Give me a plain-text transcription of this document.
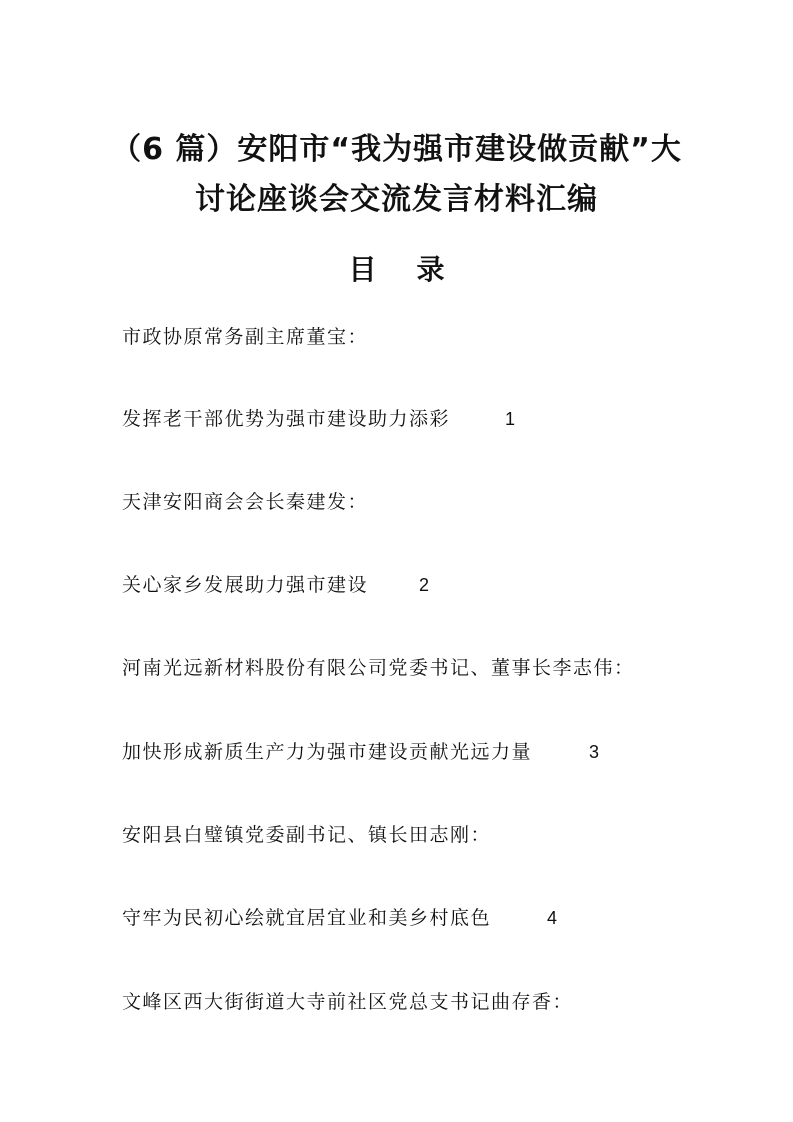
（6 篇）安阳市“我为强市建设做贡献”大
讨论座谈会交流发言材料汇编
目 录
市政协原常务副主席董宝：
发挥老干部优势为强市建设助力添彩	1
天津安阳商会会长秦建发：
关心家乡发展助力强市建设	2
河南光远新材料股份有限公司党委书记、董事长李志伟：
加快形成新质生产力为强市建设贡献光远力量	3
安阳县白璧镇党委副书记、镇长田志刚：
守牢为民初心绘就宜居宜业和美乡村底色	4
文峰区西大街街道大寺前社区党总支书记曲存香：
